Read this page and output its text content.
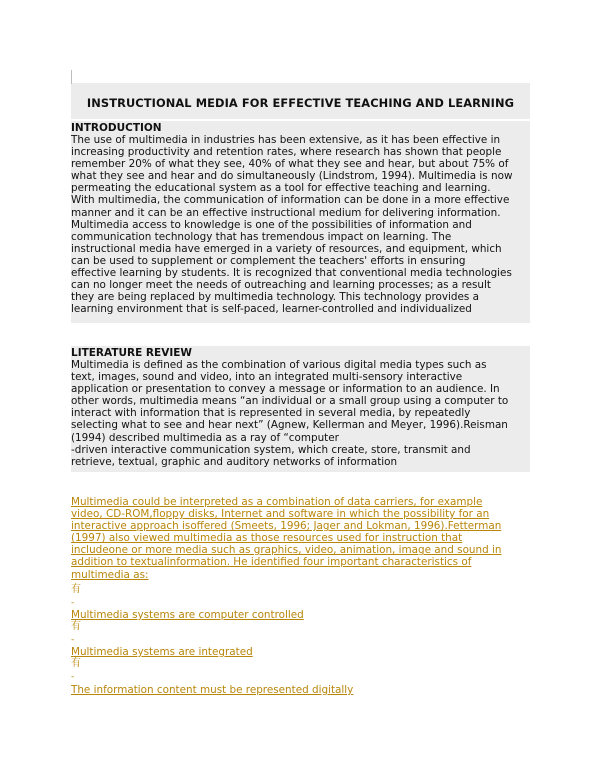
INSTRUCTIONAL MEDIA FOR EFFECTIVE TEACHING AND LEARNING
INTRODUCTION

The use of multimedia in industries has been extensive, as it has been effective in
increasing productivity and retention rates, where research has shown that people
remember 20% of what they see, 40% of what they see and hear, but about 75% of
what they see and hear and do simultaneously (Lindstrom, 1994). Multimedia is now
permeating the educational system as a tool for effective teaching and learning.
With multimedia, the communication of information can be done in a more effective
manner and it can be an effective instructional medium for delivering information.
Multimedia access to knowledge is one of the possibilities of information and
communication technology that has tremendous impact on learning. The
instructional media have emerged in a variety of resources, and equipment, which
can be used to supplement or complement the teachers' efforts in ensuring
effective learning by students. It is recognized that conventional media technologies
can no longer meet the needs of outreaching and learning processes; as a result
they are being replaced by multimedia technology. This technology provides a
learning environment that is self-paced, learner-controlled and individualized

LITERATURE REVIEW

Multimedia is defined as the combination of various digital media types such as
text, images, sound and video, into an integrated multi-sensory interactive
application or presentation to convey a message or information to an audience. In
other words, multimedia means “an individual or a small group using a computer to
interact with information that is represented in several media, by repeatedly
selecting what to see and hear next” (Agnew, Kellerman and Meyer, 1996).Reisman
(1994) described multimedia as a ray of “computer
-driven interactive communication system, which create, store, transmit and
retrieve, textual, graphic and auditory networks of information

Multimedia could be interpreted as a combination of data carriers, for example
video, CD-ROM,floppy disks, Internet and software in which the possibility for an
interactive approach isoffered (Smeets, 1996; Jager and Lokman, 1996).Fetterman
(1997) also viewed multimedia as those resources used for instruction that
includeone or more media such as graphics, video, animation, image and sound in
addition to textualinformation. He identified four important characteristics of
multimedia as:

有
-
Multimedia systems are computer controlled
有
-
Multimedia systems are integrated
有
-
The information content must be represented digitally
